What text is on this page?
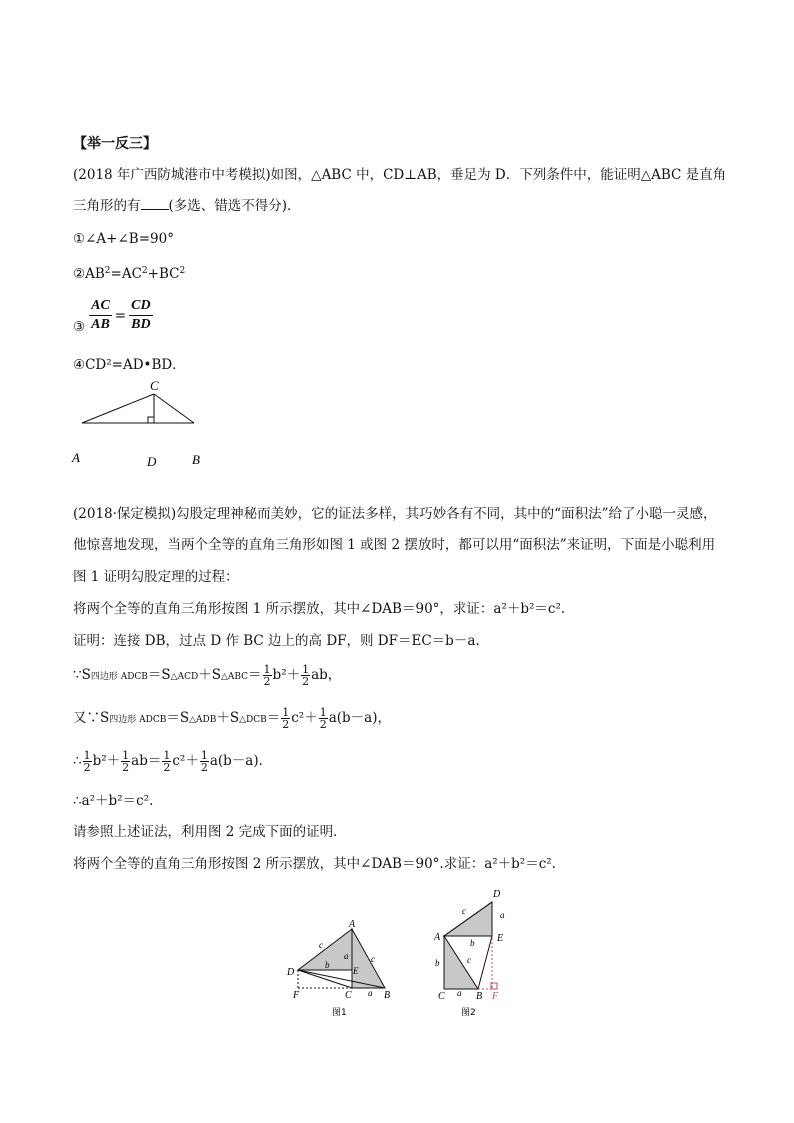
【举一反三】
(2018 年广西防城港市中考模拟)如图，△ABC 中，CD⊥AB，垂足为 D．下列条件中，能证明△ABC 是直角
三角形的有 (多选、错选不得分)．
①∠A+∠B=90°
$②AB^2=AC^2+BC^2$
③ $\frac{AC}{AB} = \frac{CD}{BD}$
④CD²=AD•BD．
C
A	D	B
(2018·保定模拟)勾股定理神秘而美妙，它的证法多样，其巧妙各有不同，其中的“面积法”给了小聪一灵感，
他惊喜地发现，当两个全等的直角三角形如图 1 或图 2 摆放时，都可以用“面积法”来证明，下面是小聪利用
图 1 证明勾股定理的过程：
将两个全等的直角三角形按图 1 所示摆放，其中∠DAB＝90°，求证：a²＋b²＝c².
证明：连接 DB，过点 D 作 BC 边上的高 DF，则 DF＝EC＝b－a.
∵S四边形 ADCB＝S△ACD＋S△ABC＝ $\frac{1}{2} b^2+ \frac{1}{2}$ ab，
又∵S四边形 ADCB＝S△ADB＋S△DCB＝ $\frac{1}{2} c^2+ \frac{1}{2} a(b-a)$，
∴ $\frac{1}{2} b^2+ \frac{1}{2} ab= \frac{1}{2} c^2+ \frac{1}{2} a(b-a)$．
∴a²＋b²＝c².
请参照上述证法，利用图 2 完成下面的证明．
将两个全等的直角三角形按图 2 所示摆放，其中∠DAB＝90°.求证：a²＋b²＝c².
A
D	E
F	C	B
c
c
a
a
b
图1
D
A	E
C	B F
c
c
a
a
b
b
图2
